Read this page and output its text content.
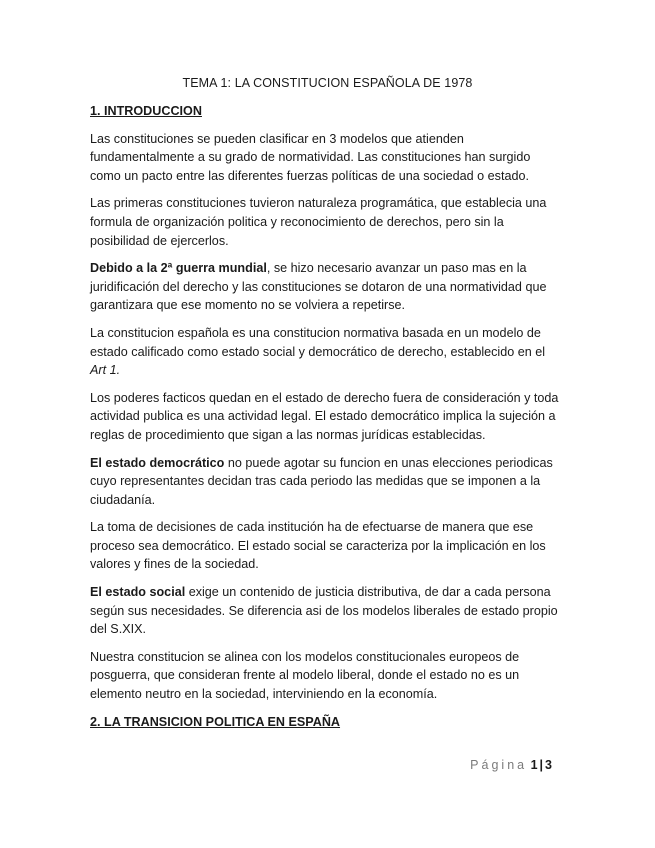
TEMA 1: LA CONSTITUCION ESPAÑOLA DE 1978
1. INTRODUCCION

Las constituciones se pueden clasificar en 3 modelos que atienden fundamentalmente a su grado de normatividad. Las constituciones han surgido como un pacto entre las diferentes fuerzas políticas de una sociedad o estado.

Las primeras constituciones tuvieron naturaleza programática, que establecia una formula de organización politica y reconocimiento de derechos, pero sin la posibilidad de ejercerlos.

Debido a la 2ª guerra mundial, se hizo necesario avanzar un paso mas en la juridificación del derecho y las constituciones se dotaron de una normatividad que garantizara que ese momento no se volviera a repetirse.

La constitucion española es una constitucion normativa basada en un modelo de estado calificado como estado social y democrático de derecho, establecido en el Art 1.

Los poderes facticos quedan en el estado de derecho fuera de consideración y toda actividad publica es una actividad legal. El estado democrático implica la sujeción a reglas de procedimiento que sigan a las normas jurídicas establecidas.

El estado democrático no puede agotar su funcion en unas elecciones periodicas cuyo representantes decidan tras cada periodo las medidas que se imponen a la ciudadanía.

La toma de decisiones de cada institución ha de efectuarse de manera que ese proceso sea democrático. El estado social se caracteriza por la implicación en los valores y fines de la sociedad.

El estado social exige un contenido de justicia distributiva, de dar a cada persona según sus necesidades. Se diferencia asi de los modelos liberales de estado propio del S.XIX.

Nuestra constitucion se alinea con los modelos constitucionales europeos de posguerra, que consideran frente al modelo liberal, donde el estado no es un elemento neutro en la sociedad, interviniendo en la economía.

2. LA TRANSICION POLITICA EN ESPAÑA
Página 1 | 3
